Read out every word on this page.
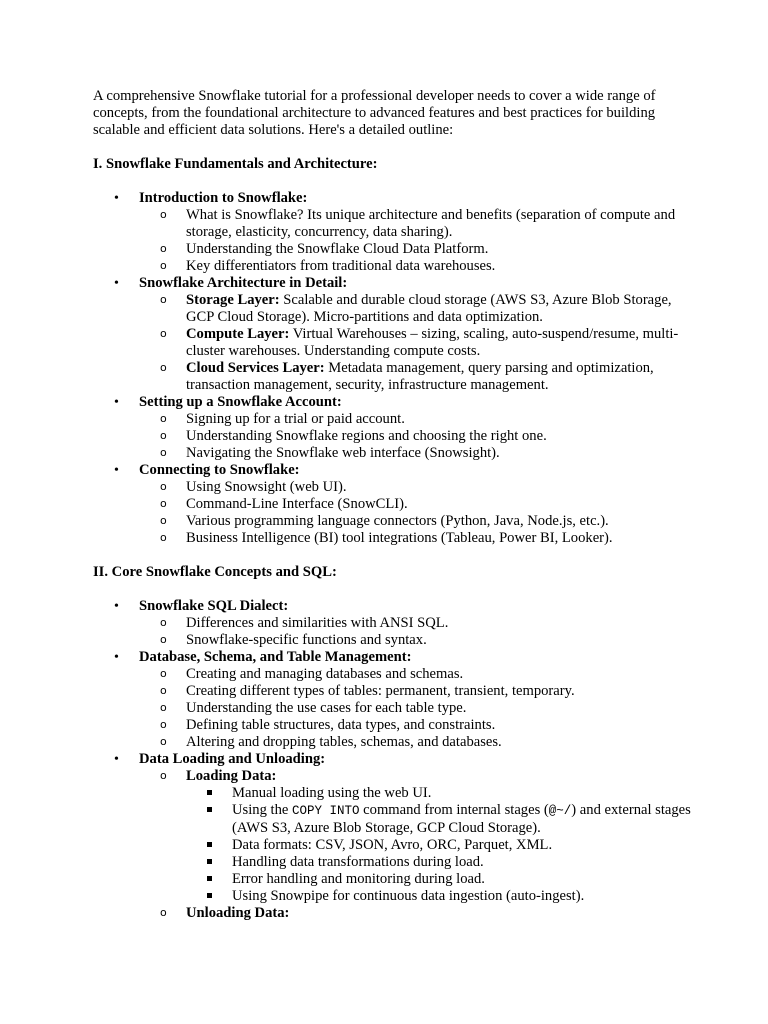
A comprehensive Snowflake tutorial for a professional developer needs to cover a wide range of concepts, from the foundational architecture to advanced features and best practices for building scalable and efficient data solutions. Here's a detailed outline:

I. Snowflake Fundamentals and Architecture:
• Introduction to Snowflake:
o What is Snowflake? Its unique architecture and benefits (separation of compute and storage, elasticity, concurrency, data sharing).
o Understanding the Snowflake Cloud Data Platform.
o Key differentiators from traditional data warehouses.
• Snowflake Architecture in Detail:
o Storage Layer: Scalable and durable cloud storage (AWS S3, Azure Blob Storage, GCP Cloud Storage). Micro-partitions and data optimization.
o Compute Layer: Virtual Warehouses – sizing, scaling, auto-suspend/resume, multi-cluster warehouses. Understanding compute costs.
o Cloud Services Layer: Metadata management, query parsing and optimization, transaction management, security, infrastructure management.
• Setting up a Snowflake Account:
o Signing up for a trial or paid account.
o Understanding Snowflake regions and choosing the right one.
o Navigating the Snowflake web interface (Snowsight).
• Connecting to Snowflake:
o Using Snowsight (web UI).
o Command-Line Interface (SnowCLI).
o Various programming language connectors (Python, Java, Node.js, etc.).
o Business Intelligence (BI) tool integrations (Tableau, Power BI, Looker).
II. Core Snowflake Concepts and SQL:
• Snowflake SQL Dialect:
o Differences and similarities with ANSI SQL.
o Snowflake-specific functions and syntax.
• Database, Schema, and Table Management:
o Creating and managing databases and schemas.
o Creating different types of tables: permanent, transient, temporary.
o Understanding the use cases for each table type.
o Defining table structures, data types, and constraints.
o Altering and dropping tables, schemas, and databases.
• Data Loading and Unloading:
o Loading Data:
Manual loading using the web UI.
Using the COPY INTO command from internal stages (@~/) and external stages (AWS S3, Azure Blob Storage, GCP Cloud Storage).
Data formats: CSV, JSON, Avro, ORC, Parquet, XML.
Handling data transformations during load.
Error handling and monitoring during load.
Using Snowpipe for continuous data ingestion (auto-ingest).
o Unloading Data:
